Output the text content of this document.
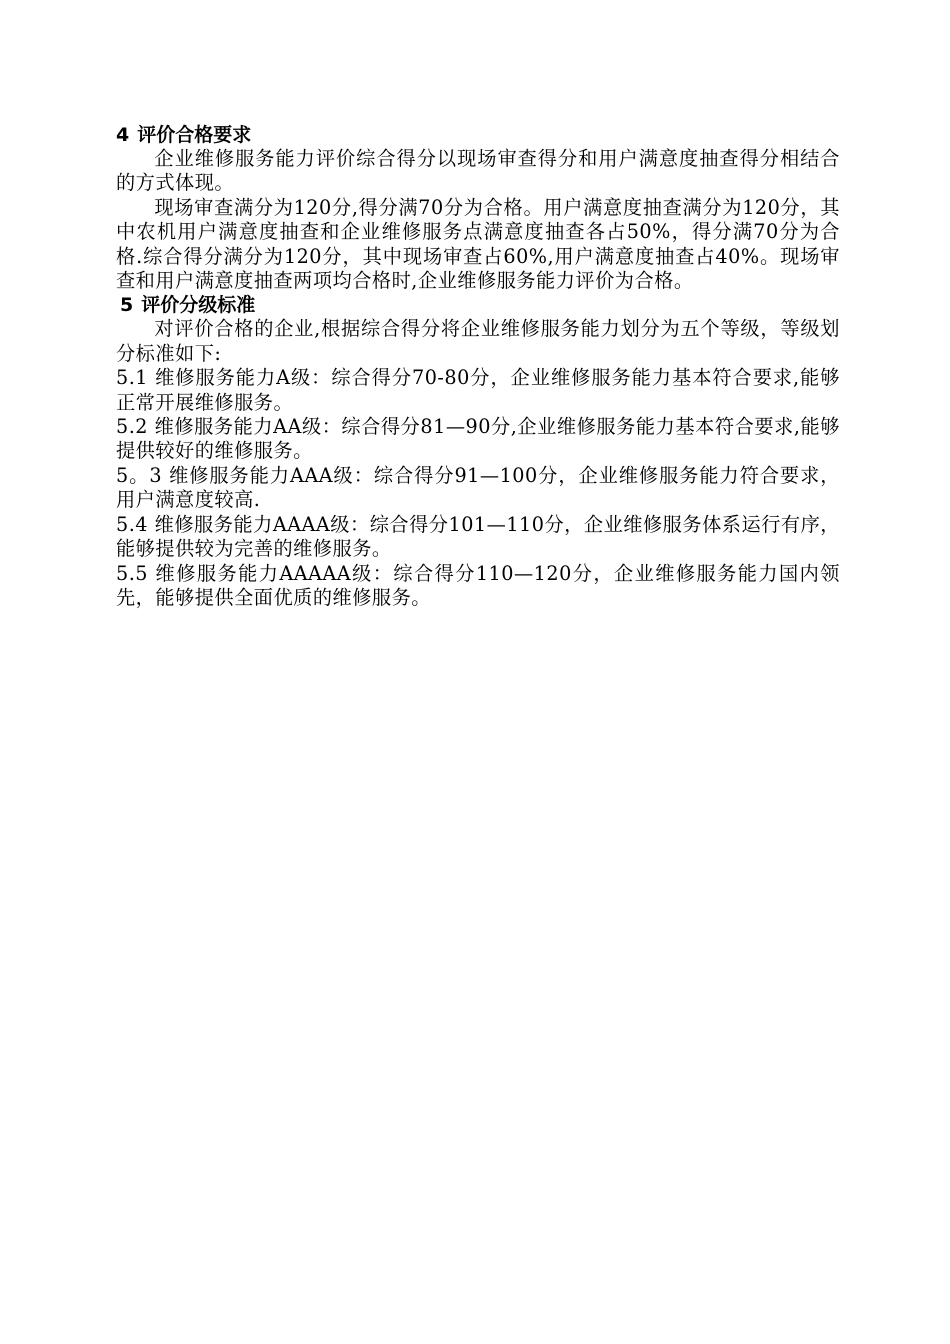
4 评价合格要求

企业维修服务能力评价综合得分以现场审查得分和用户满意度抽查得分相结合的方式体现。

现场审查满分为120分,得分满70分为合格。用户满意度抽查满分为120分，其中农机用户满意度抽查和企业维修服务点满意度抽查各占50%，得分满70分为合格.综合得分满分为120分，其中现场审查占60%,用户满意度抽查占40%。现场审查和用户满意度抽查两项均合格时,企业维修服务能力评价为合格。

5 评价分级标准

对评价合格的企业,根据综合得分将企业维修服务能力划分为五个等级，等级划分标准如下:

5.1 维修服务能力A级：综合得分70-80分，企业维修服务能力基本符合要求,能够正常开展维修服务。

5.2 维修服务能力AA级：综合得分81—90分,企业维修服务能力基本符合要求,能够提供较好的维修服务。

5。3 维修服务能力AAA级：综合得分91—100分，企业维修服务能力符合要求，用户满意度较高.

5.4 维修服务能力AAAA级：综合得分101—110分，企业维修服务体系运行有序，能够提供较为完善的维修服务。

5.5 维修服务能力AAAAA级：综合得分110—120分，企业维修服务能力国内领先，能够提供全面优质的维修服务。
